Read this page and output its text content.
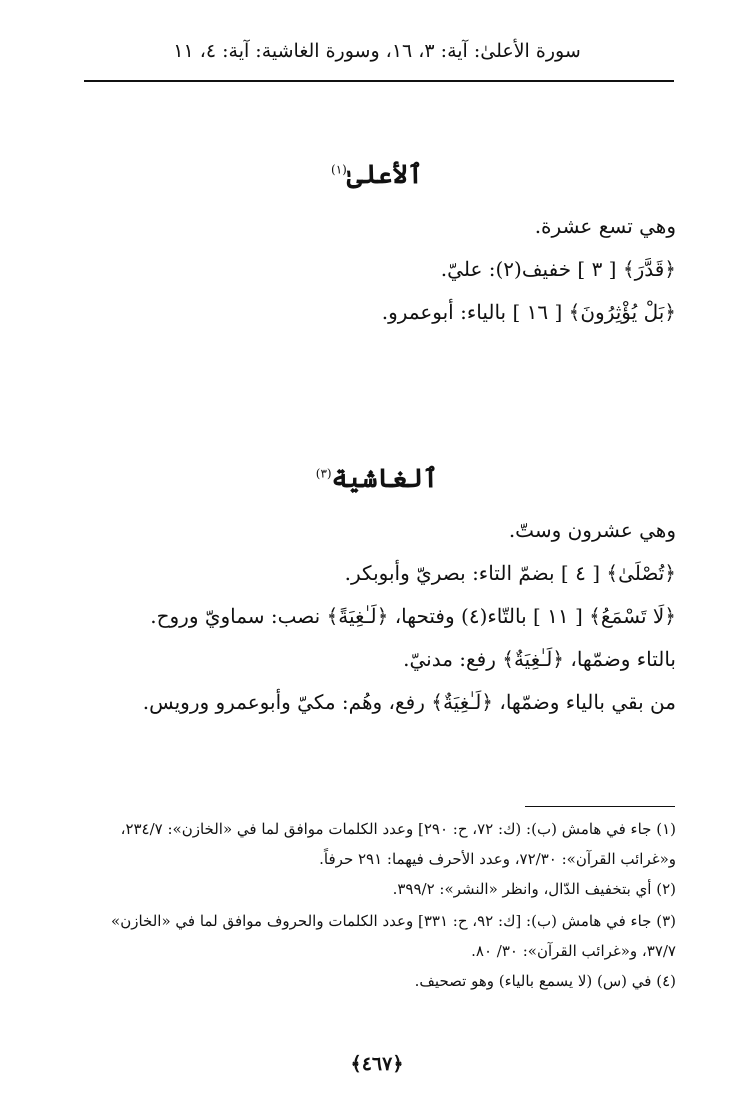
سورة الأعلىٰ: آية: ٣، ١٦، وسورة الغاشية: آية: ٤، ١١
ٱلأعلىٰ$^{(١)}$
وهي تسع عشرة.
﴿قَدَّرَ﴾ [ ٣ ] خفيف(٢): عليّ.
﴿بَلْ يُؤْثِرُونَ﴾ [ ١٦ ] بالياء: أبوعمرو.
ٱلغاشية$^{(٣)}$
وهي عشرون وستّ.
﴿تُصْلَىٰ﴾ [ ٤ ] بضمّ التاء: بصريّ وأبوبكر.
﴿لَا تَسْمَعُ﴾ [ ١١ ] بالتّاء(٤) وفتحها، ﴿لَـٰغِيَةً﴾ نصب: سماويّ وروح.
بالتاء وضمّها، ﴿لَـٰغِيَةٌ﴾ رفع: مدنيّ.
من بقي بالياء وضمّها، ﴿لَـٰغِيَةٌ﴾ رفع، وهُم: مكيّ وأبوعمرو ورويس.
(١) جاء في هامش (ب): (ك: ٧٢، ح: ٢٩٠] وعدد الكلمات موافق لما في «الخازن»: ٢٣٤/٧،
و«غرائب القرآن»: ٧٢/٣٠، وعدد الأحرف فيهما: ٢٩١ حرفاً.
(٢) أي بتخفيف الدّال، وانظر «النشر»: ٣٩٩/٢.
(٣) جاء في هامش (ب): [ك: ٩٢، ح: ٣٣١] وعدد الكلمات والحروف موافق لما في «الخازن»
٣٧/٧، و«غرائب القرآن»: ٣٠/ ٨٠.
(٤) في (س) (لا يسمع بالياء) وهو تصحيف.
﴿٤٦٧﴾
